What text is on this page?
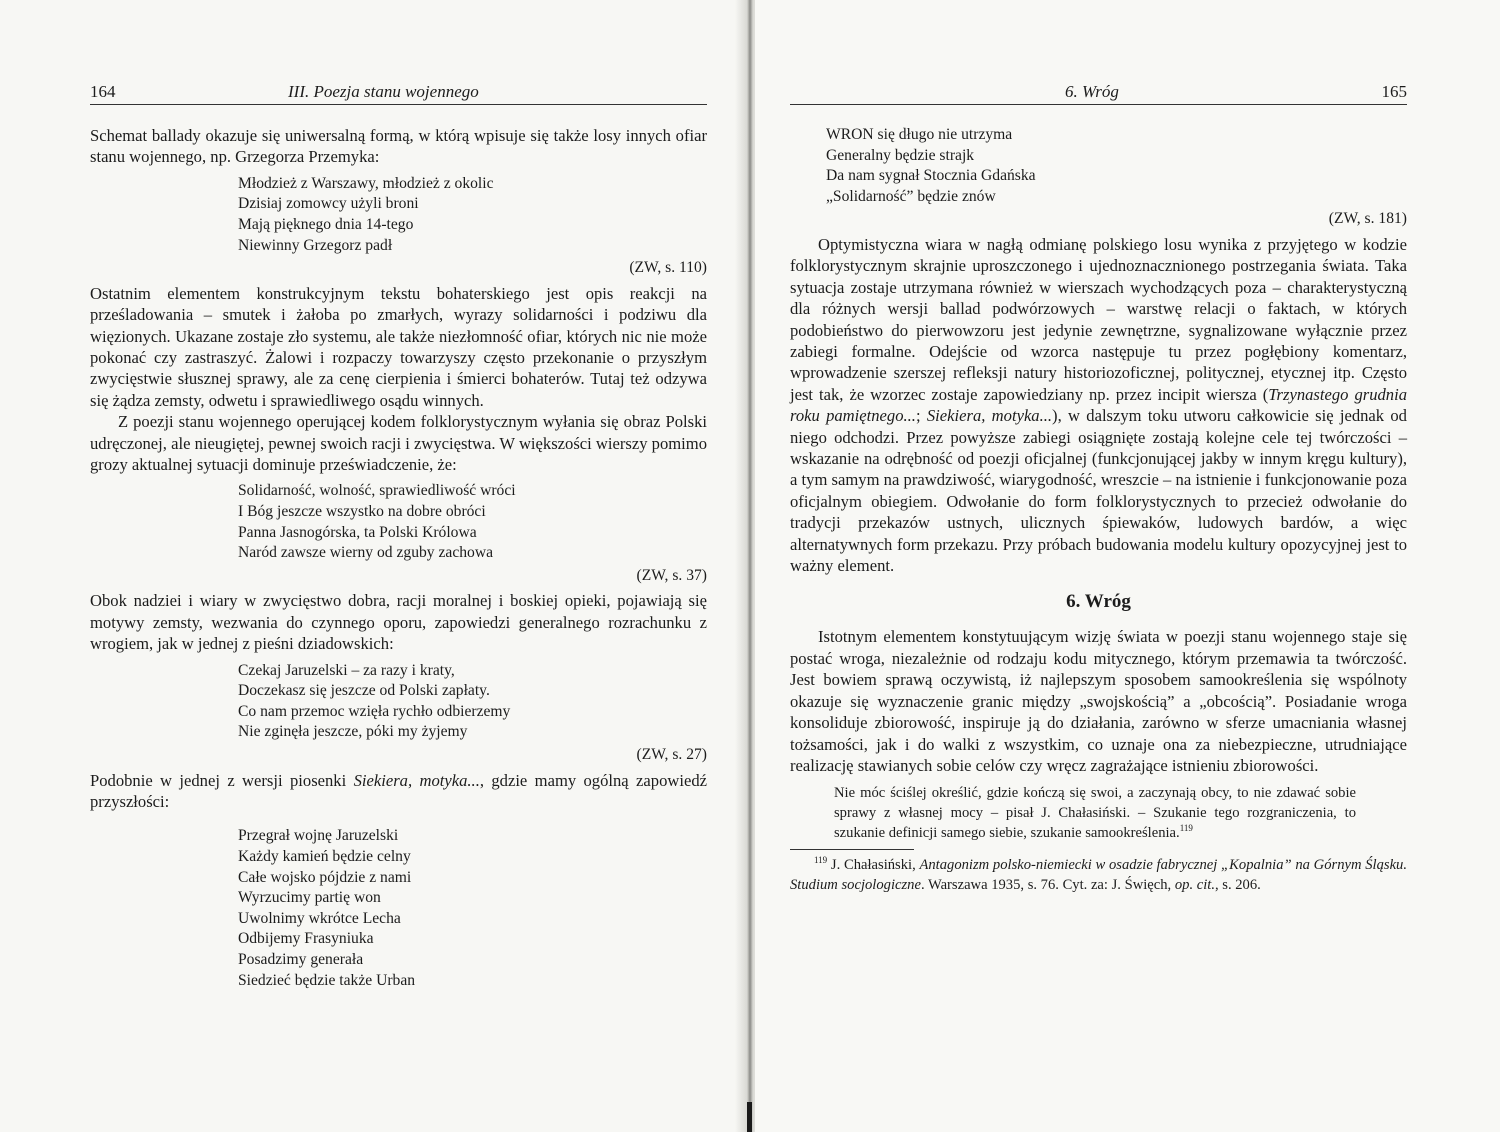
164	III. Poezja stanu wojennego

Schemat ballady okazuje się uniwersalną formą, w którą wpisuje się także losy innych ofiar stanu wojennego, np. Grzegorza Przemyka:

Młodzież z Warszawy, młodzież z okolic
Dzisiaj zomowcy użyli broni
Mają pięknego dnia 14-tego
Niewinny Grzegorz padł
(ZW, s. 110)

Ostatnim elementem konstrukcyjnym tekstu bohaterskiego jest opis reakcji na prześladowania – smutek i żałoba po zmarłych, wyrazy solidarności i podziwu dla więzionych. Ukazane zostaje zło systemu, ale także niezłomność ofiar, których nic nie może pokonać czy zastraszyć. Żalowi i rozpaczy towarzyszy często przekonanie o przyszłym zwycięstwie słusznej sprawy, ale za cenę cierpienia i śmierci bohaterów. Tutaj też odzywa się żądza zemsty, odwetu i sprawiedliwego osądu winnych.

Z poezji stanu wojennego operującej kodem folklorystycznym wyłania się obraz Polski udręczonej, ale nieugiętej, pewnej swoich racji i zwycięstwa. W większości wierszy pomimo grozy aktualnej sytuacji dominuje przeświadczenie, że:

Solidarność, wolność, sprawiedliwość wróci
I Bóg jeszcze wszystko na dobre obróci
Panna Jasnogórska, ta Polski Królowa
Naród zawsze wierny od zguby zachowa
(ZW, s. 37)

Obok nadziei i wiary w zwycięstwo dobra, racji moralnej i boskiej opieki, pojawiają się motywy zemsty, wezwania do czynnego oporu, zapowiedzi generalnego rozrachunku z wrogiem, jak w jednej z pieśni dziadowskich:

Czekaj Jaruzelski – za razy i kraty,
Doczekasz się jeszcze od Polski zapłaty.
Co nam przemoc wzięła rychło odbierzemy
Nie zginęła jeszcze, póki my żyjemy
(ZW, s. 27)

Podobnie w jednej z wersji piosenki Siekiera, motyka..., gdzie mamy ogólną zapowiedź przyszłości:

Przegrał wojnę Jaruzelski
Każdy kamień będzie celny
Całe wojsko pójdzie z nami
Wyrzucimy partię won
Uwolnimy wkrótce Lecha
Odbijemy Frasyniuka
Posadzimy generała
Siedzieć będzie także Urban
6. Wróg	165
WRON się długo nie utrzyma
Generalny będzie strajk
Da nam sygnał Stocznia Gdańska
„Solidarność” będzie znów
(ZW, s. 181)

Optymistyczna wiara w nagłą odmianę polskiego losu wynika z przyjętego w kodzie folklorystycznym skrajnie uproszczonego i ujednoznacznionego postrzegania świata. Taka sytuacja zostaje utrzymana również w wierszach wychodzących poza – charakterystyczną dla różnych wersji ballad podwórzowych – warstwę relacji o faktach, w których podobieństwo do pierwowzoru jest jedynie zewnętrzne, sygnalizowane wyłącznie przez zabiegi formalne. Odejście od wzorca następuje tu przez pogłębiony komentarz, wprowadzenie szerszej refleksji natury historiozoficznej, politycznej, etycznej itp. Często jest tak, że wzorzec zostaje zapowiedziany np. przez incipit wiersza (Trzynastego grudnia roku pamiętnego...; Siekiera, motyka...), w dalszym toku utworu całkowicie się jednak od niego odchodzi. Przez powyższe zabiegi osiągnięte zostają kolejne cele tej twórczości – wskazanie na odrębność od poezji oficjalnej (funkcjonującej jakby w innym kręgu kultury), a tym samym na prawdziwość, wiarygodność, wreszcie – na istnienie i funkcjonowanie poza oficjalnym obiegiem. Odwołanie do form folklorystycznych to przecież odwołanie do tradycji przekazów ustnych, ulicznych śpiewaków, ludowych bardów, a więc alternatywnych form przekazu. Przy próbach budowania modelu kultury opozycyjnej jest to ważny element.

6. Wróg

Istotnym elementem konstytuującym wizję świata w poezji stanu wojennego staje się postać wroga, niezależnie od rodzaju kodu mitycznego, którym przemawia ta twórczość. Jest bowiem sprawą oczywistą, iż najlepszym sposobem samookreślenia się wspólnoty okazuje się wyznaczenie granic między „swojskością” a „obcością”. Posiadanie wroga konsoliduje zbiorowość, inspiruje ją do działania, zarówno w sferze umacniania własnej tożsamości, jak i do walki z wszystkim, co uznaje ona za niebezpieczne, utrudniające realizację stawianych sobie celów czy wręcz zagrażające istnieniu zbiorowości.

Nie móc ściślej określić, gdzie kończą się swoi, a zaczynają obcy, to nie zdawać sobie sprawy z własnej mocy – pisał J. Chałasiński. – Szukanie tego rozgraniczenia, to szukanie definicji samego siebie, szukanie samookreślenia.$^{119}$
$^{119}$ J. Chałasiński, Antagonizm polsko-niemiecki w osadzie fabrycznej „Kopalnia” na Górnym Śląsku. Studium socjologiczne. Warszawa 1935, s. 76. Cyt. za: J. Święch, op. cit., s. 206.
